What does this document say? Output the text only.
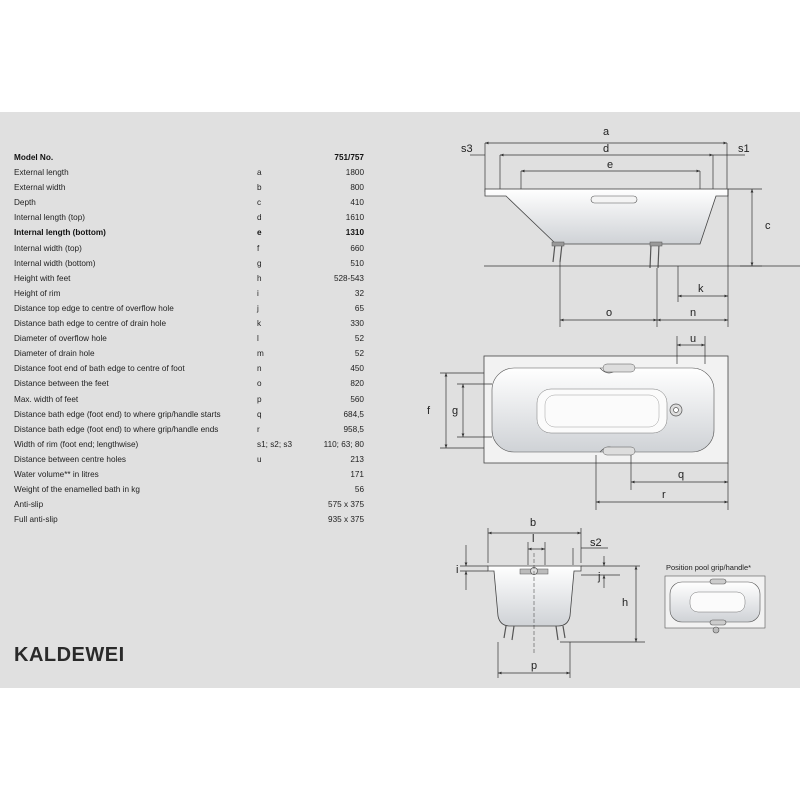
Model No.	751/757
External length	a	1800
External width	b	800
Depth	c	410
Internal length (top)	d	1610
Internal length (bottom)	e	1310
Internal width (top)	f	660
Internal width (bottom)	g	510
Height with feet	h	528-543
Height of rim	i	32
Distance top edge to centre of overflow hole	j	65
Distance bath edge to centre of drain hole	k	330
Diameter of overflow hole	l	52
Diameter of drain hole	m	52
Distance foot end of bath edge to centre of foot	n	450
Distance between the feet	o	820
Max. width of feet	p	560
Distance bath edge (foot end) to where grip/handle starts	q	684,5
Distance bath edge (foot end) to where grip/handle ends	r	958,5
Width of rim (foot end; lengthwise)	s1; s2; s3	110; 63; 80
Distance between centre holes	u	213
Water volume** in litres	171
Weight of the enamelled bath in kg	56
Anti-slip	575 x 375
Full anti-slip	935 x 375
KALDEWEI
a
d
e
s3	s1
c
k
o	n
u
f g
q
r
b
l	s2
i
j
h
p
Position pool grip/handle*
